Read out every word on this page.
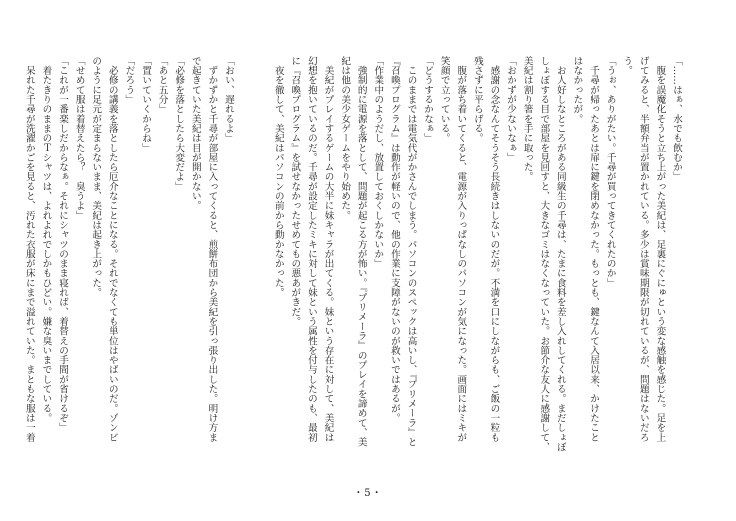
「……はぁ、水でも飲むか」
　腹を誤魔化そうと立ち上がった美紀は、足裏にぐにゅという変な感触を感じた。足を上
げてみると、半額弁当が置かれている。多少は賞味期限が切れているが、問題はないだろ
う。
「うぉ、ありがたい。千尋が買ってきてくれたのか」
　千尋が帰ったあとは扉に鍵を閉めなかった。もっとも、鍵なんて入居以来、かけたこと
はなかったが。
　お人好しなところがある同級生の千尋は、たまに食料を差し入れしてくれる。まだしょぼ
しょぼする目で部屋を見回すと、大きなゴミはなくなっていた。お節介な友人に感謝して、
美紀は割り箸を手に取った。
「おかずが少ないなぁ」
　感謝の念なんてそうそう長続きはしないのだが。不満を口にしながらも、ご飯の一粒も
残さずに平らげる。
　腹が落ち着いてくると、電源が入りっぱなしのパソコンが気になった。画面にはミキが
笑顔で立っている。
「どうするかなぁ」
　このままでは電気代がかさんでしまう。パソコンのスペックは高いし、『プリメーラ』と
『召喚プログラム』は動作が軽いので、他の作業に支障がないのが救いではあるが。
「作業中のようだし、放置しておくしかないか」
　強制的に電源を落として、問題が起こる方が怖い。『プリメーラ』のプレイを諦めて、美
紀は他の美少女ゲームをやり始めた。
　美紀がプレイするゲームの大半に妹キャラが出てくる。妹という存在に対して、美紀は
幻想を抱いているのだ。千尋が設定したミキに対して妹という属性を付与したのも、最初
に『召喚プログラム』を試せなかったせめてもの悪あがきだ。
　夜を徹して、美紀はパソコンの前から動かなかった。

「おい、遅れるよ」
　ずかずかと千尋が部屋に入ってくると、煎餅布団から美紀を引っ張り出した。明け方ま
で起きていた美紀は目が開かない。
「必修を落としたら大変だよ」
「あと五分」
「置いていくからね」
「だろう」
　必修の講義を落としたら厄介なことになる。それでなくても単位はやばいのだ。ゾンビ
のように足元が定まらないまま、美紀は起き上がった。
「せめて服は着替えたら？　臭うよ」
「これが一番楽しだからなぁ。それにシャツのまま寝れば、着替えの手間が省けるぞ」
　着たきりのままのＴシャツは、よれよれでしかもひどい。嫌な臭いまでしている。
　呆れた千尋が洗濯かごを見ると、汚れた衣服が床にまで溢れていた。まともな服は一着
・5・
